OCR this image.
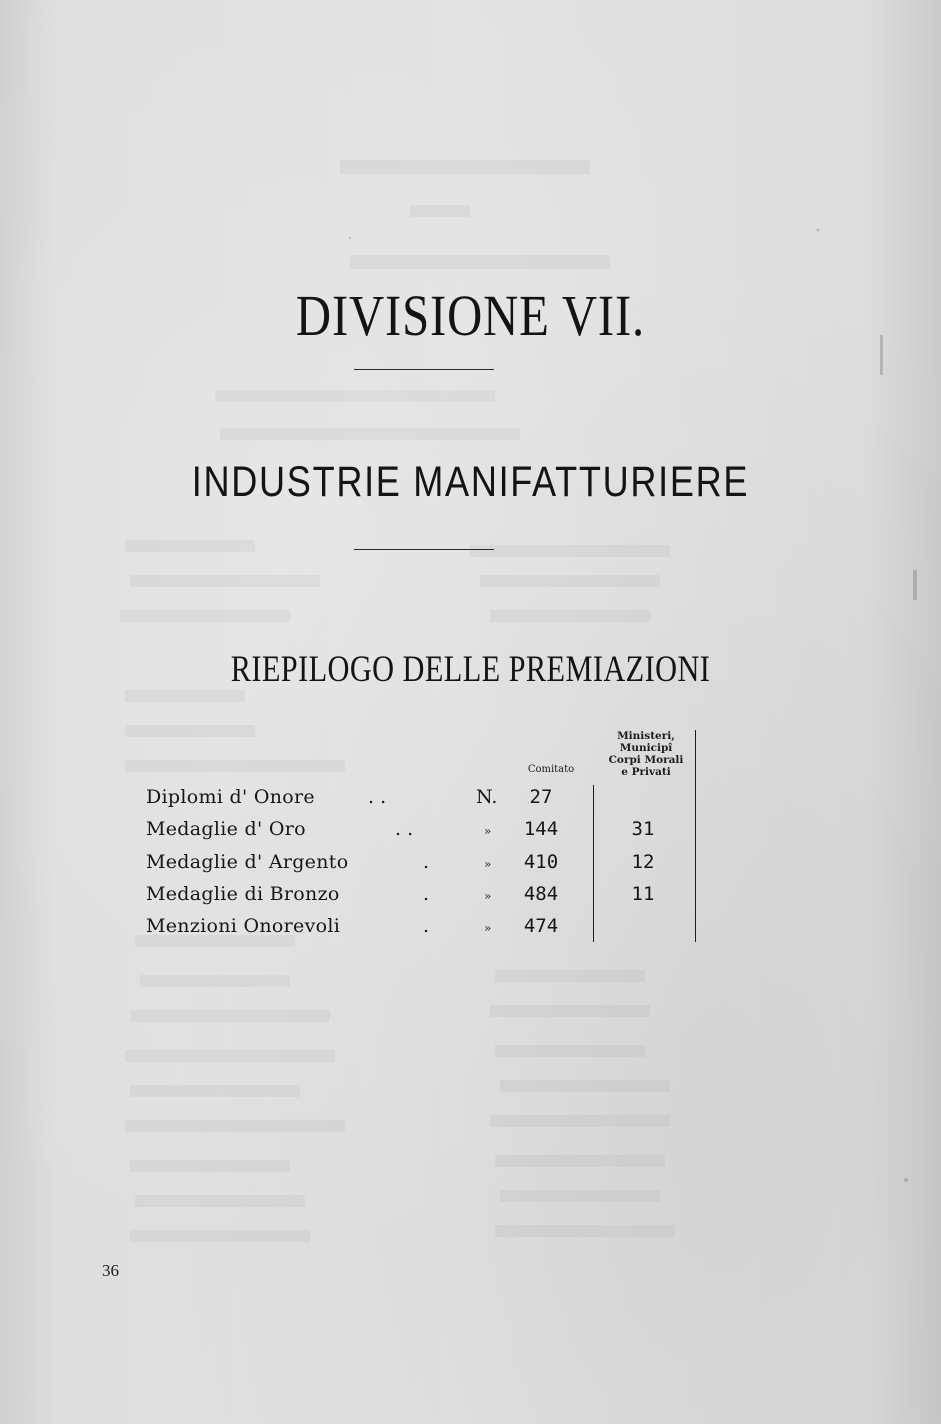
DIVISIONE VII.
INDUSTRIE MANIFATTURIERE
RIEPILOGO DELLE PREMIAZIONI
Comitato
Ministeri,
Municipî
Corpi Morali
e Privati
Diplomi d' Onore	. .	N.	27
Medaglie d' Oro	. .	»	144	31
Medaglie d' Argento	.	»	410	12
Medaglie di Bronzo	.	»	484	11
Menzioni Onorevoli	.	»	474
36
